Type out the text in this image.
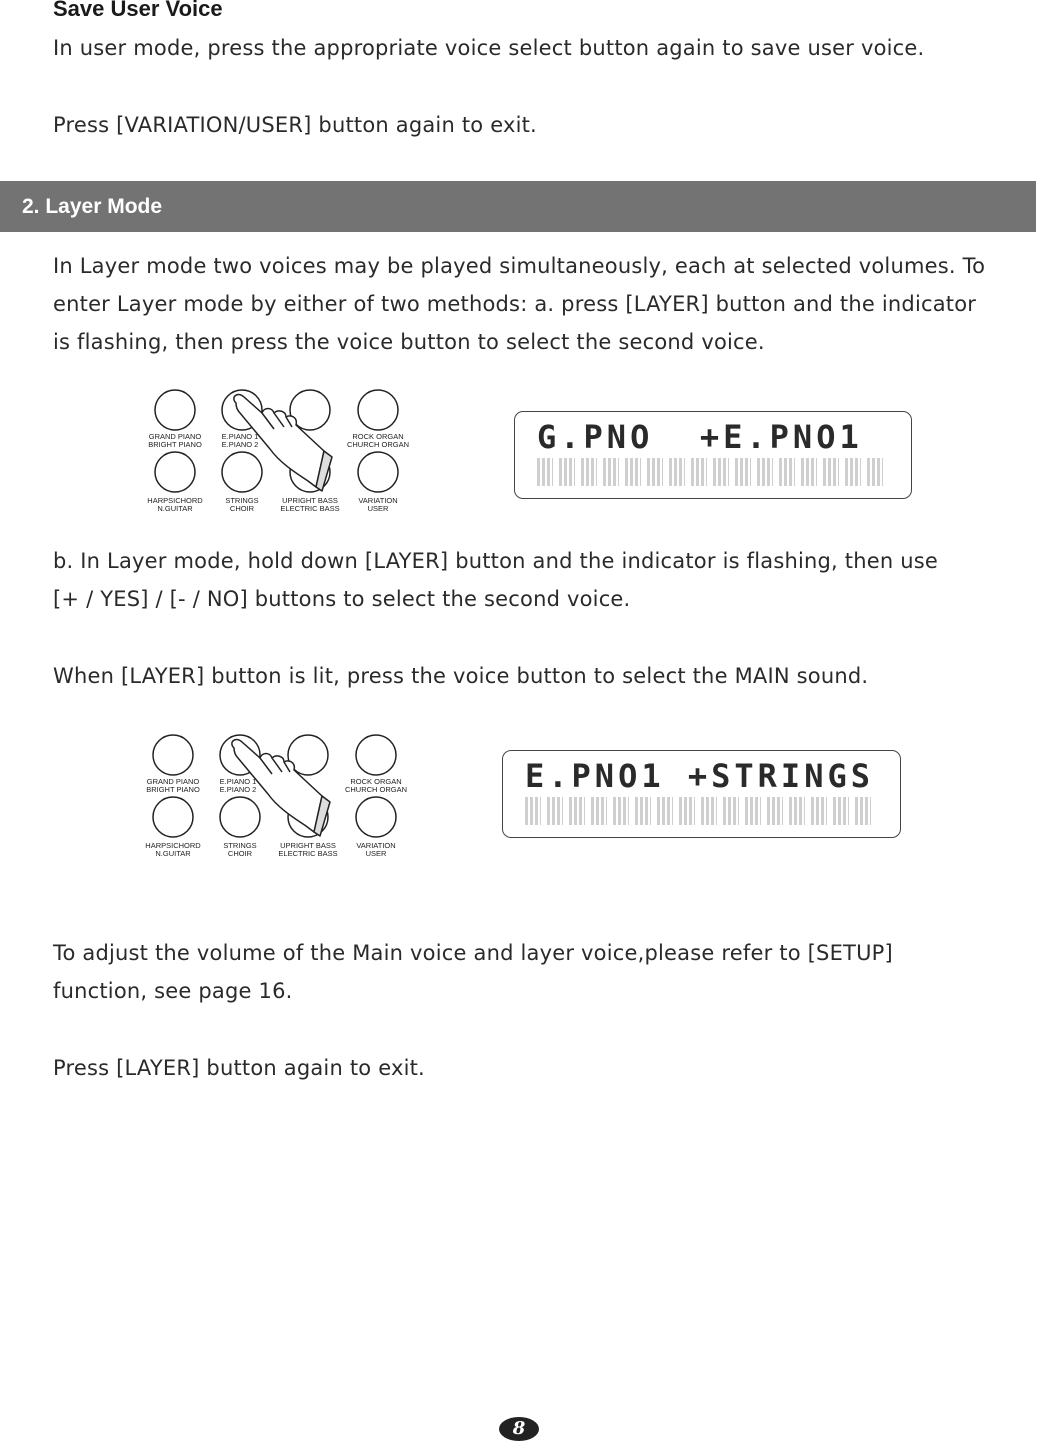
Save User Voice
In user mode, press the appropriate voice select button again to save user voice.
Press [VARIATION/USER] button again to exit.
2. Layer Mode
In Layer mode two voices may be played simultaneously, each at selected volumes. To
enter Layer mode by either of two methods: a. press [LAYER] button and the indicator
is flashing, then press the voice button to select the second voice.
GRAND PIANO
BRIGHT PIANO
E.PIANO 1
E.PIANO 2
ROCK ORGAN
CHURCH ORGAN
HARPSICHORD
N.GUITAR
STRINGS
CHOIR
UPRIGHT BASS
ELECTRIC BASS
VARIATION
USER
G.PNO  +E.PNO1
b. In Layer mode, hold down [LAYER] button and the indicator is flashing, then use
[+ / YES] / [- / NO] buttons to select the second voice.
When [LAYER] button is lit, press the voice button to select the MAIN sound.
GRAND PIANO
BRIGHT PIANO
E.PIANO 1
E.PIANO 2
ROCK ORGAN
CHURCH ORGAN
HARPSICHORD
N.GUITAR
STRINGS
CHOIR
UPRIGHT BASS
ELECTRIC BASS
VARIATION
USER
E.PNO1 +STRINGS
To adjust the volume of the Main voice and layer voice,please refer to [SETUP]
function, see page 16.
Press [LAYER] button again to exit.
8
